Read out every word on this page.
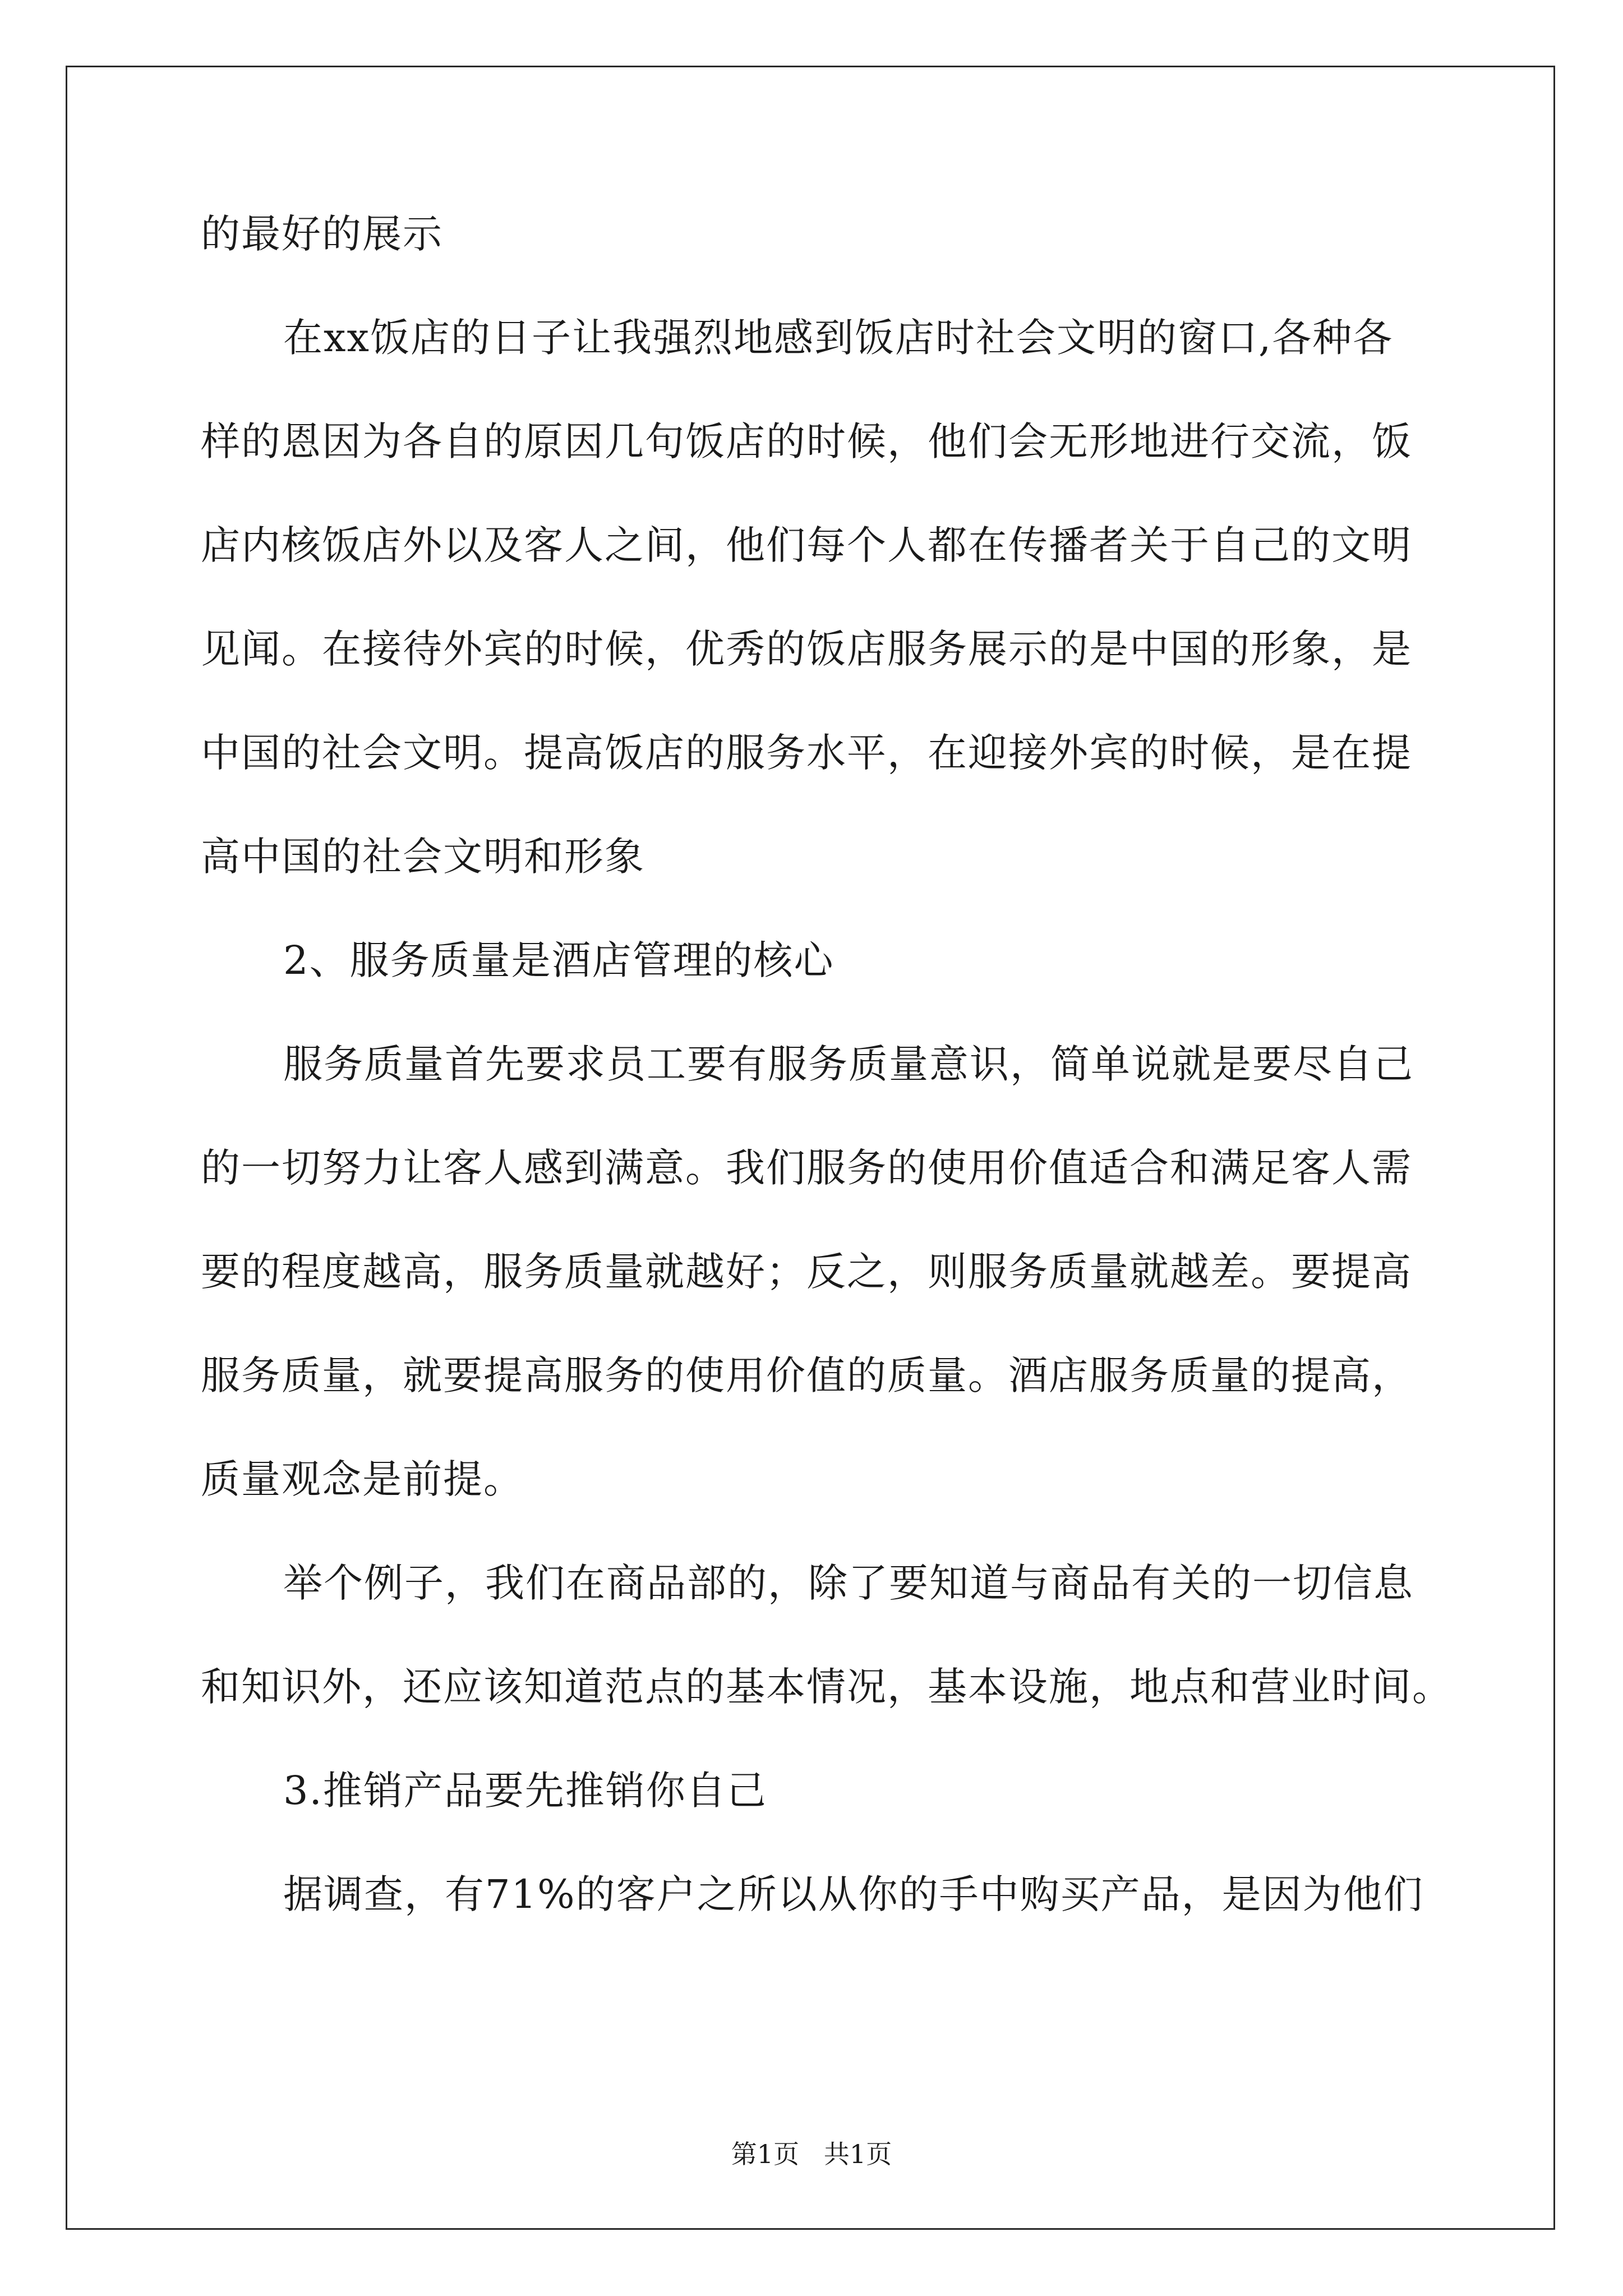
的最好的展示
在xx饭店的日子让我强烈地感到饭店时社会文明的窗口,各种各
样的恩因为各自的原因几句饭店的时候，他们会无形地进行交流，饭
店内核饭店外以及客人之间，他们每个人都在传播者关于自己的文明
见闻。在接待外宾的时候，优秀的饭店服务展示的是中国的形象，是
中国的社会文明。提高饭店的服务水平，在迎接外宾的时候，是在提
高中国的社会文明和形象
2、服务质量是酒店管理的核心
服务质量首先要求员工要有服务质量意识，简单说就是要尽自己
的一切努力让客人感到满意。我们服务的使用价值适合和满足客人需
要的程度越高，服务质量就越好；反之，则服务质量就越差。要提高
服务质量，就要提高服务的使用价值的质量。酒店服务质量的提高，
质量观念是前提。
举个例子，我们在商品部的，除了要知道与商品有关的一切信息
和知识外，还应该知道范点的基本情况，基本设施，地点和营业时间。
3.推销产品要先推销你自己
据调查，有71%的客户之所以从你的手中购买产品，是因为他们
第1页   共1页
